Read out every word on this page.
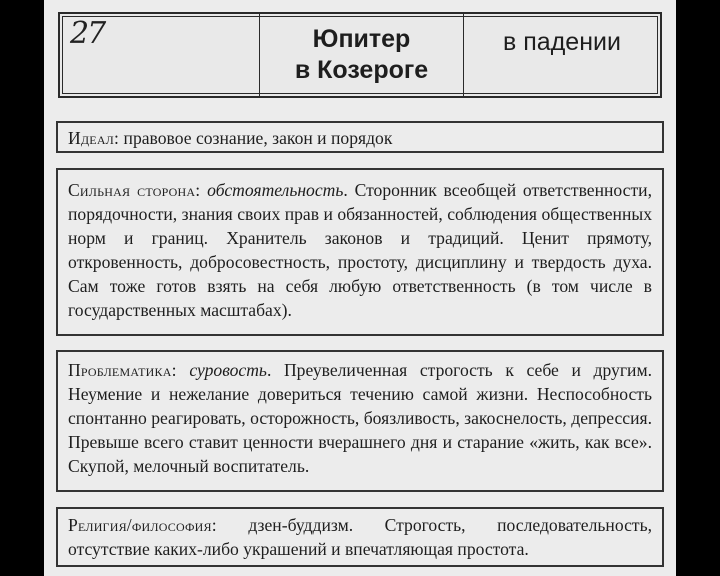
27	Юпитер
в Козероге
в падении
Идеал: правовое сознание, закон и порядок
Сильная сторона: обстоятельность. Сторонник всеобщей ответственности, порядочности, знания своих прав и обязанностей, соблюдения общественных норм и границ. Хранитель законов и традиций. Ценит прямоту, откровенность, добросовестность, простоту, дисциплину и твердость духа. Сам тоже готов взять на себя любую ответственность (в том числе в государственных масштабах).
Проблематика: суровость. Преувеличенная строгость к себе и другим. Неумение и нежелание довериться течению самой жизни. Неспособность спонтанно реагировать, осторожность, боязливость, закоснелость, депрессия. Превыше всего ставит ценности вчерашнего дня и старание «жить, как все». Скупой, мелочный воспитатель.
Религия/философия: дзен-буддизм. Строгость, последовательность, отсутствие каких-либо украшений и впечатляющая простота.
